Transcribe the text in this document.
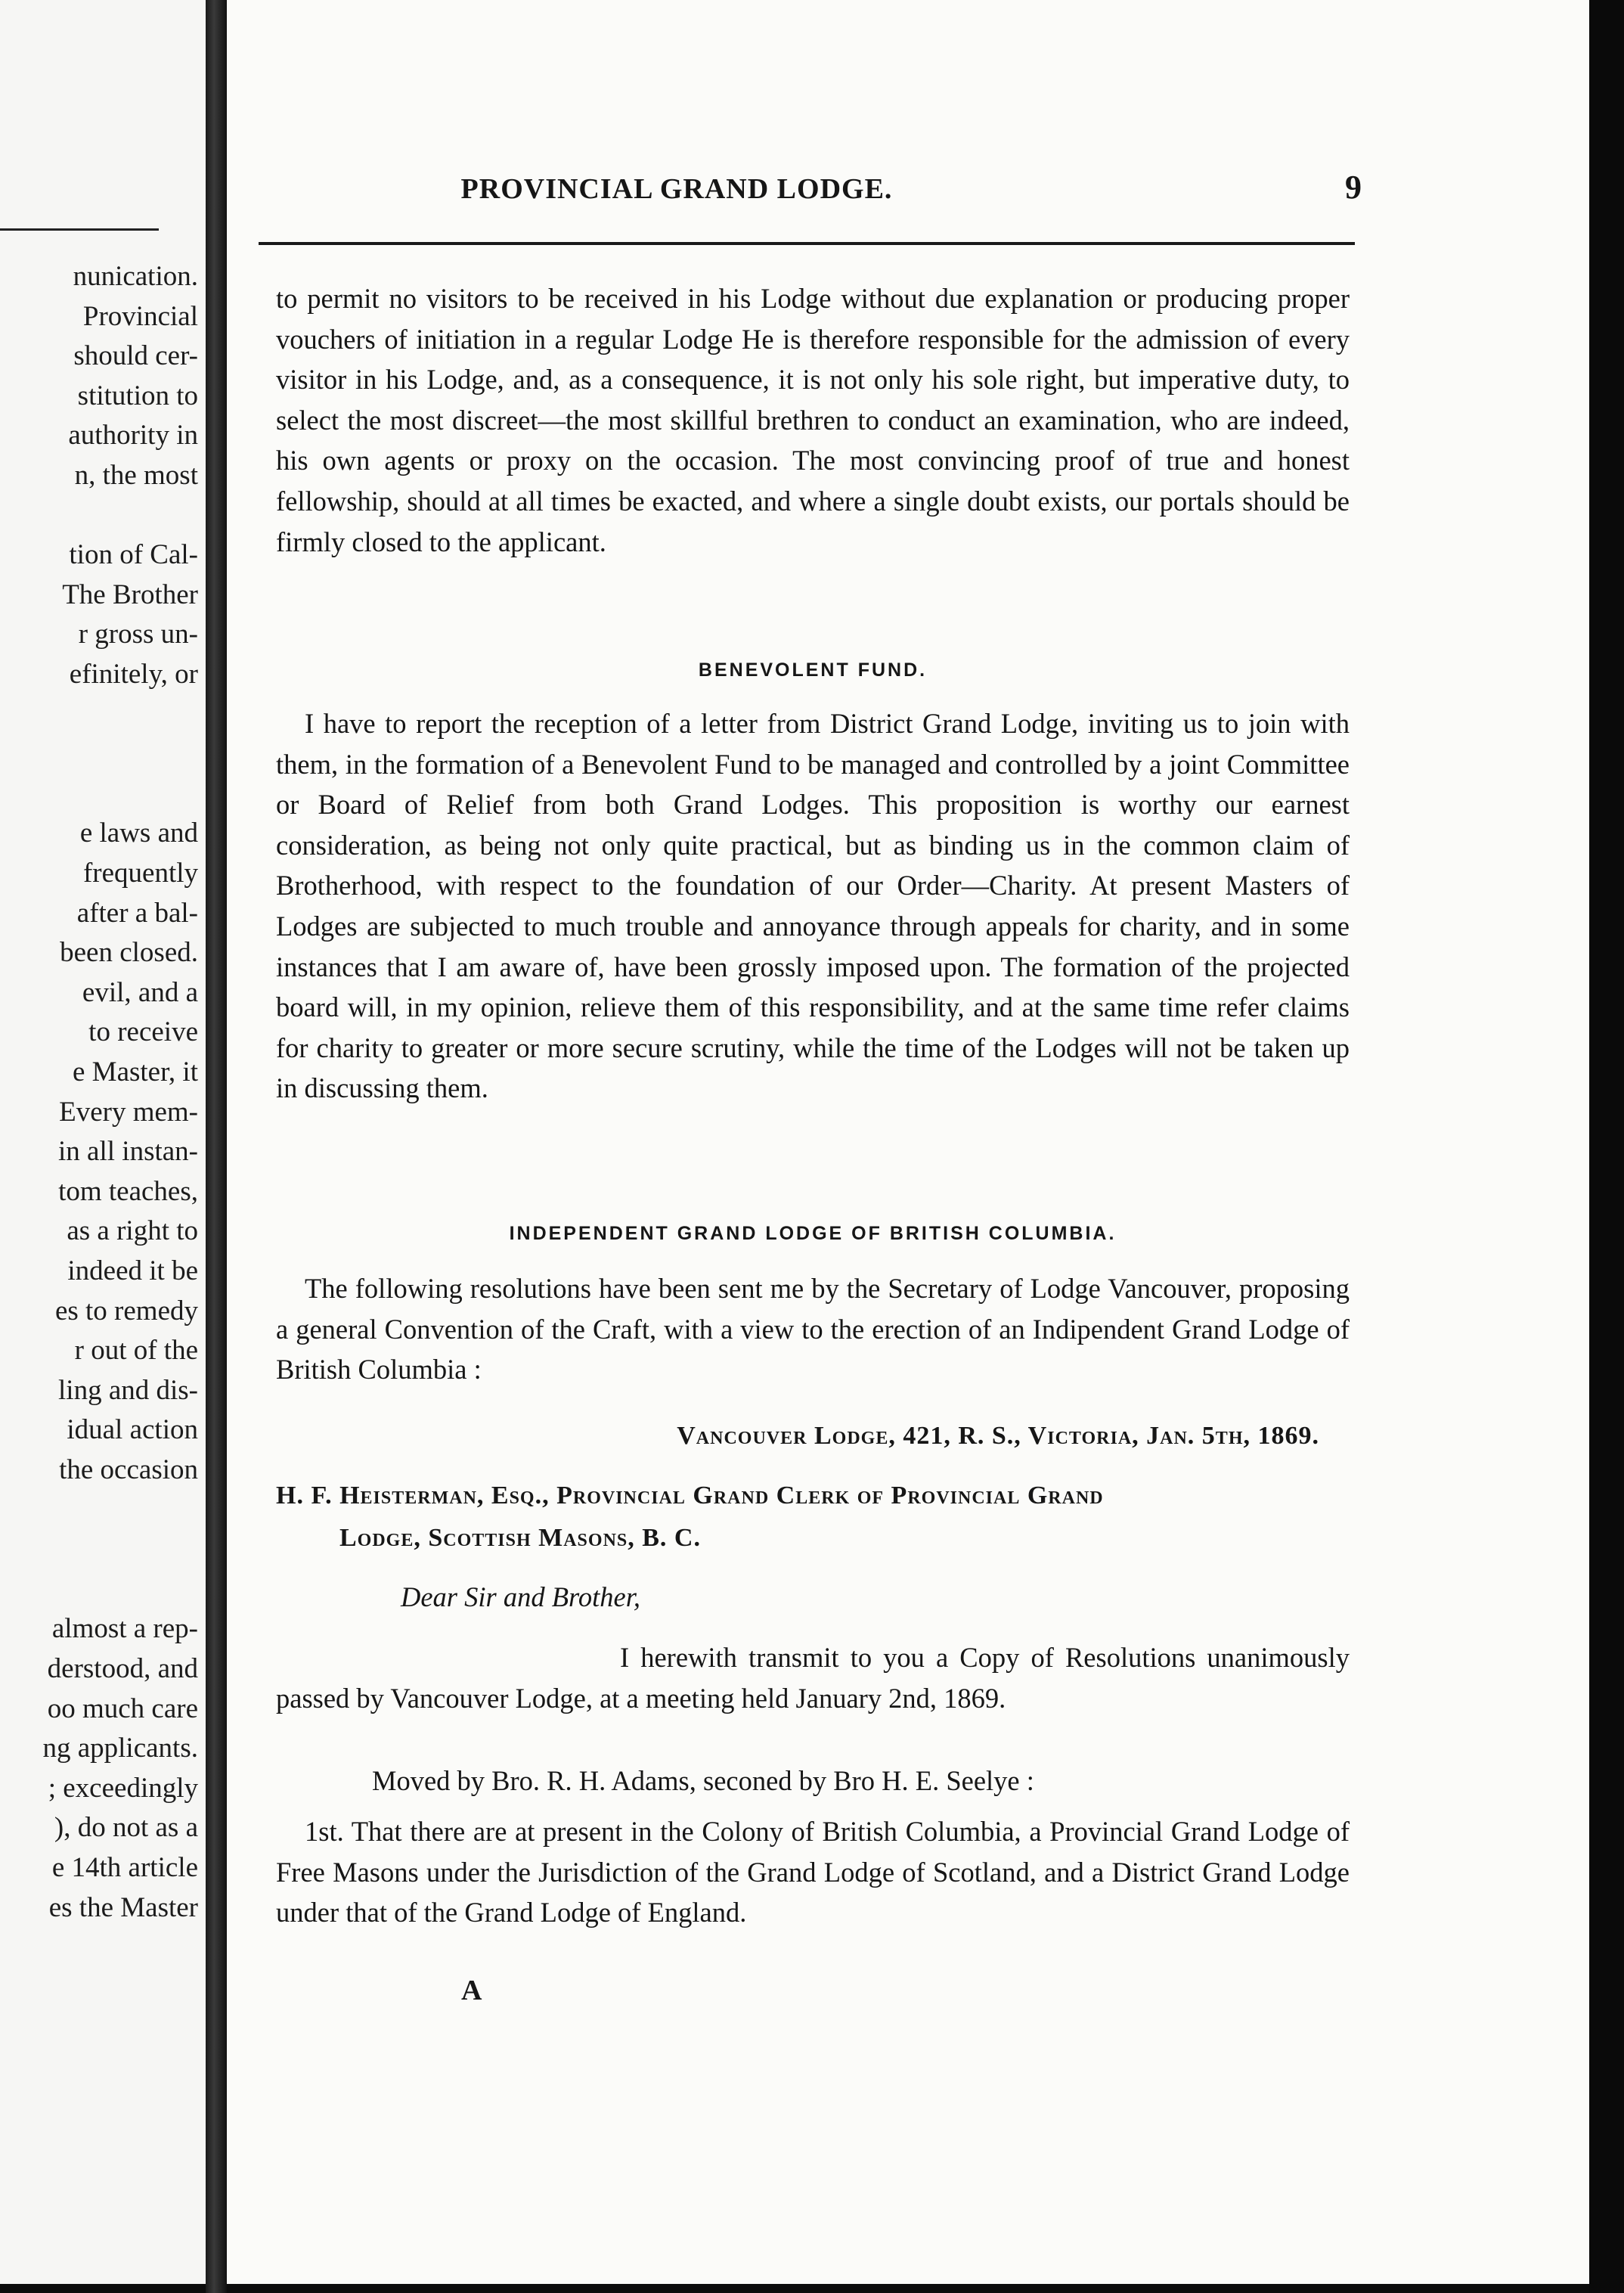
nunication.
Provincial
should cer-
stitution to
authority in
n, the most
tion of Cal-
The Brother
r gross un-
efinitely, or
e laws and
frequently
after a bal-
been closed.
evil, and a
to receive
e Master, it
Every mem-
in all instan-
tom teaches,
as a right to
indeed it be
es to remedy
r out of the
ling and dis-
idual action
the occasion
almost a rep-
derstood, and
oo much care
ng applicants.
; exceedingly
), do not as a
e 14th article
es the Master
PROVINCIAL GRAND LODGE.	9

to permit no visitors to be received in his Lodge without due explanation or producing proper vouchers of initiation in a regular Lodge He is therefore responsible for the admission of every visitor in his Lodge, and, as a consequence, it is not only his sole right, but imperative duty, to select the most discreet—the most skillful brethren to conduct an examination, who are indeed, his own agents or proxy on the occasion. The most convincing proof of true and honest fellowship, should at all times be exacted, and where a single doubt exists, our portals should be firmly closed to the applicant.

BENEVOLENT FUND.

I have to report the reception of a letter from District Grand Lodge, inviting us to join with them, in the formation of a Benevolent Fund to be managed and controlled by a joint Committee or Board of Relief from both Grand Lodges. This proposition is worthy our earnest consideration, as being not only quite practical, but as binding us in the common claim of Brotherhood, with respect to the foundation of our Order—Charity. At present Masters of Lodges are subjected to much trouble and annoyance through appeals for charity, and in some instances that I am aware of, have been grossly imposed upon. The formation of the projected board will, in my opinion, relieve them of this responsibility, and at the same time refer claims for charity to greater or more secure scrutiny, while the time of the Lodges will not be taken up in discussing them.

INDEPENDENT GRAND LODGE OF BRITISH COLUMBIA.

The following resolutions have been sent me by the Secretary of Lodge Vancouver, proposing a general Convention of the Craft, with a view to the erection of an Indipendent Grand Lodge of British Columbia :

Vancouver Lodge, 421, R. S., Victoria, Jan. 5th, 1869.
H. F. Heisterman, Esq., Provincial Grand Clerk of Provincial Grand
Lodge, Scottish Masons, B. C.
Dear Sir and Brother,

I herewith transmit to you a Copy of Resolutions unanimously passed by Vancouver Lodge, at a meeting held January 2nd, 1869.

Moved by Bro. R. H. Adams, seconed by Bro H. E. Seelye :

1st. That there are at present in the Colony of British Columbia, a Provincial Grand Lodge of Free Masons under the Jurisdiction of the Grand Lodge of Scotland, and a District Grand Lodge under that of the Grand Lodge of England.

A
